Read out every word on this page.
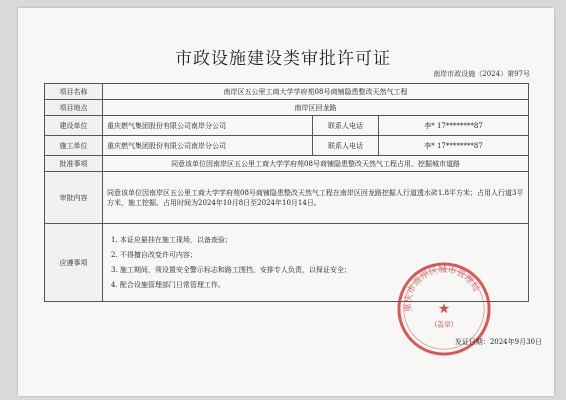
市政设施建设类审批许可证
南岸市政设施（2024）第97号
项目名称	南岸区五公里工商大学学府苑08号商铺隐患整改天然气工程		
项目地点	南岸区回龙路		
建设单位	重庆燃气集团股份有限公司南岸分公司	联系人电话	李* 17********87
施工单位	重庆燃气集团股份有限公司南岸分公司	联系人电话	李* 17********87
批准事项	同意该单位因南岸区五公里工商大学学府苑08号商铺隐患整改天然气工程占用、挖掘城市道路		
审批内容	同意该单位因南岸区五公里工商大学学府苑08号商铺隐患整改天然气工程在南岸区回龙路挖掘人行道透水砖1.8平方米；占用人行道3平方米，施工挖掘、占用时间为2024年10月8日至2024年10月14日。		
应遵事项	1. 本证应悬挂在施工现场，以备查验；
2. 不得擅自改变许可内容；
3. 施工期间，须设置安全警示标志和路工围挡，安排专人负责，以保证安全；
4. 配合设施管理部门日常管理工作。		
重庆市南岸区城市管理局
★
(盖章)
发证日期：2024年9月30日
